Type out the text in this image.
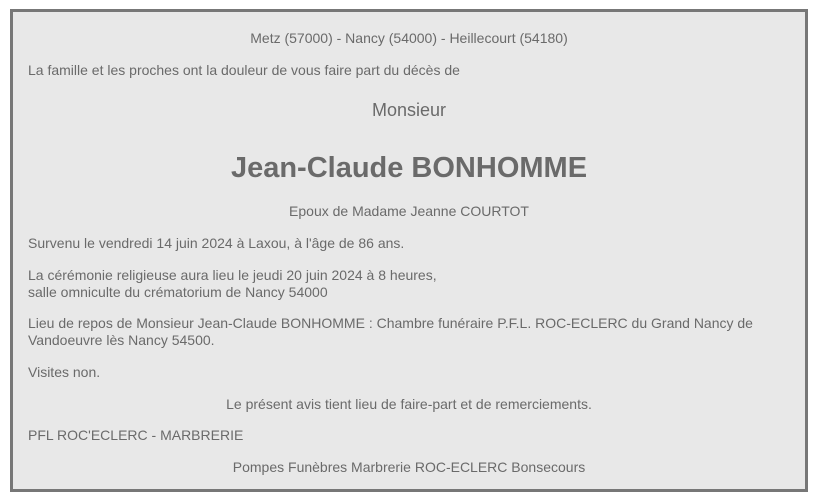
Metz (57000) - Nancy (54000) - Heillecourt (54180)
La famille et les proches ont la douleur de vous faire part du décès de
Monsieur
Jean-Claude BONHOMME
Epoux de Madame Jeanne COURTOT
Survenu le vendredi 14 juin 2024 à Laxou, à l'âge de 86 ans.
La cérémonie religieuse aura lieu le jeudi 20 juin 2024 à 8 heures,
salle omniculte du crématorium de Nancy 54000
Lieu de repos de Monsieur Jean-Claude BONHOMME : Chambre funéraire P.F.L. ROC-ECLERC du Grand Nancy de Vandoeuvre lès Nancy 54500.
Visites non.
Le présent avis tient lieu de faire-part et de remerciements.
PFL ROC'ECLERC - MARBRERIE
Pompes Funèbres Marbrerie ROC-ECLERC Bonsecours
